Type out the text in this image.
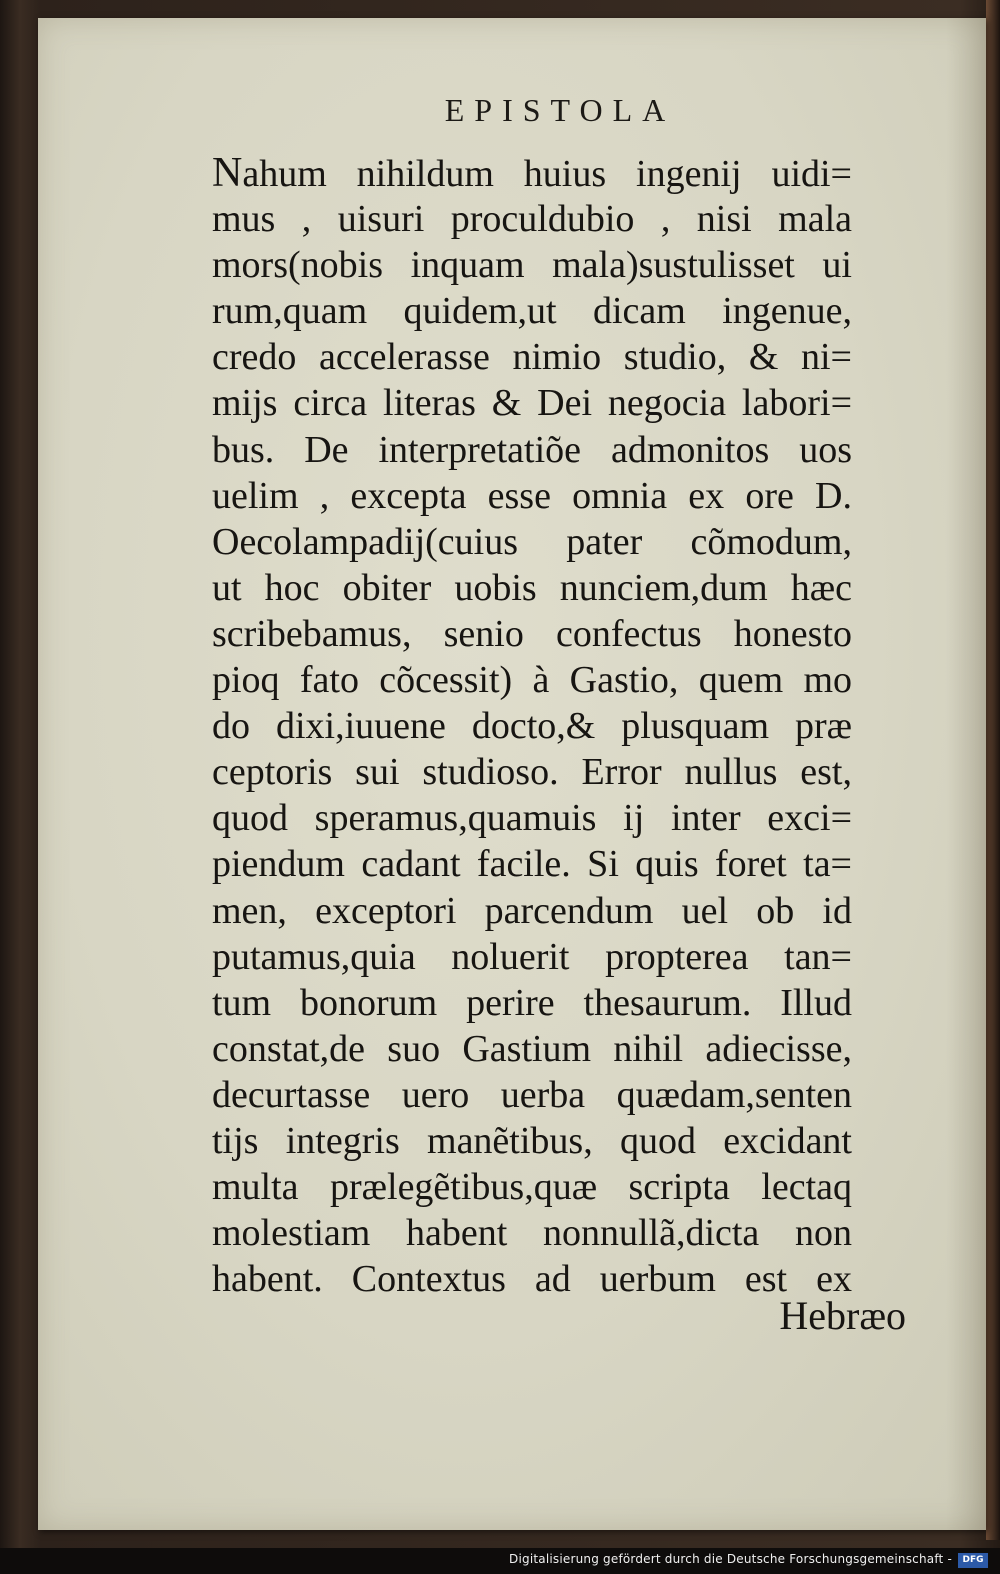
EPISTOLA
Nahum nihildum huius ingenij uidi=
mus , uisuri proculdubio , nisi mala
mors(nobis inquam mala)sustulisset ui
rum,quam quidem,ut dicam ingenue,
credo accelerasse nimio studio, & ni=
mijs circa literas & Dei negocia labori=
bus. De interpretatiõe admonitos uos
uelim , excepta esse omnia ex ore D.
Oecolampadij(cuius pater cõmodum,
ut hoc obiter uobis nunciem,dum hæc
scribebamus, senio confectus honesto
pioq fato cõcessit) à Gastio, quem mo
do dixi,iuuene docto,& plusquam præ
ceptoris sui studioso. Error nullus est,
quod speramus,quamuis ij inter exci=
piendum cadant facile. Si quis foret ta=
men, exceptori parcendum uel ob id
putamus,quia noluerit propterea tan=
tum bonorum perire thesaurum. Illud
constat,de suo Gastium nihil adiecisse,
decurtasse uero uerba quædam,senten
tijs integris manẽtibus, quod excidant
multa prælegẽtibus,quæ scripta lectaq
molestiam habent nonnullã,dicta non
habent. Contextus ad uerbum est ex
Hebræo
Digitalisierung gefördert durch die Deutsche Forschungsgemeinschaft -	DFG
